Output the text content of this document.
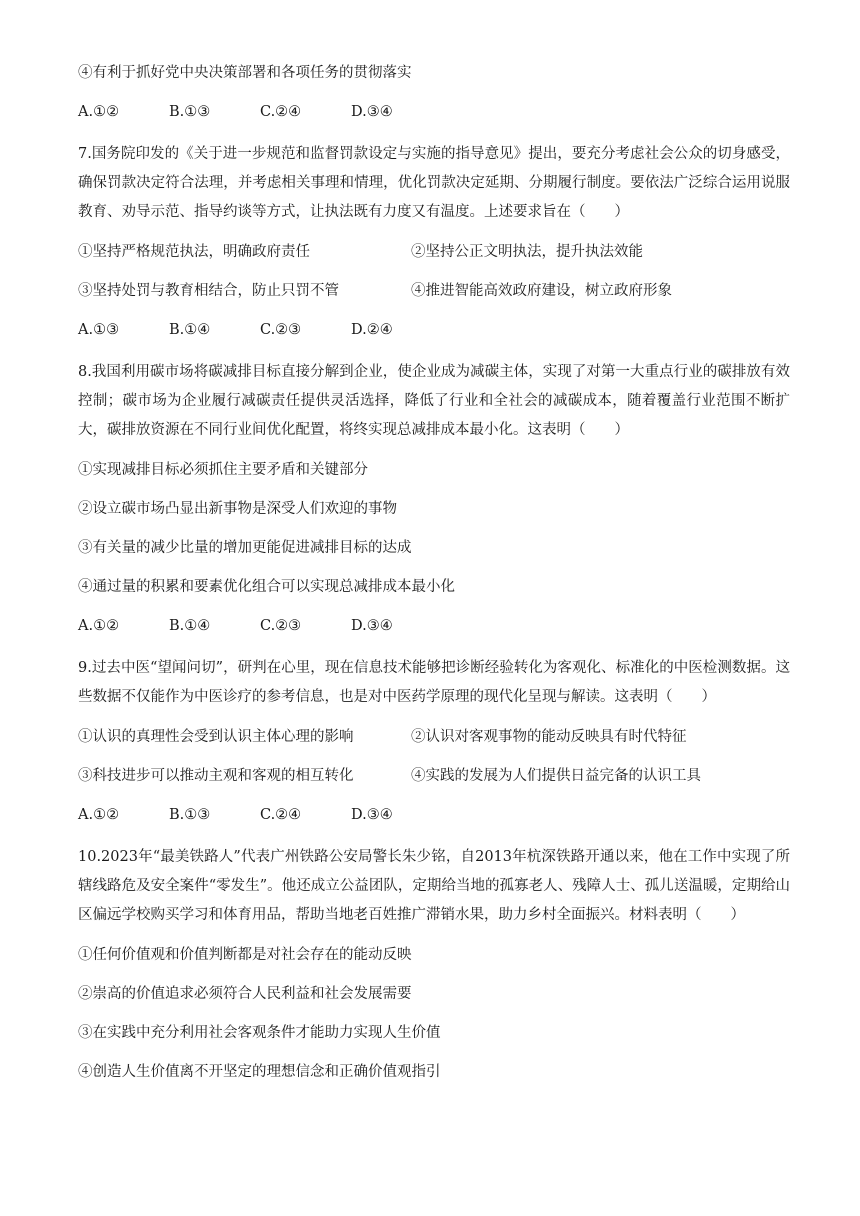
④有利于抓好党中央决策部署和各项任务的贯彻落实

A.①②	B.①③	C.②④	D.③④

7.国务院印发的《关于进一步规范和监督罚款设定与实施的指导意见》提出，要充分考虑社会公众的切身感受，确保罚款决定符合法理，并考虑相关事理和情理，优化罚款决定延期、分期履行制度。要依法广泛综合运用说服教育、劝导示范、指导约谈等方式，让执法既有力度又有温度。上述要求旨在（　　）

①坚持严格规范执法，明确政府责任	②坚持公正文明执法，提升执法效能
③坚持处罚与教育相结合，防止只罚不管	④推进智能高效政府建设，树立政府形象
A.①③	B.①④	C.②③	D.②④

8.我国利用碳市场将碳减排目标直接分解到企业，使企业成为减碳主体，实现了对第一大重点行业的碳排放有效控制；碳市场为企业履行减碳责任提供灵活选择，降低了行业和全社会的减碳成本，随着覆盖行业范围不断扩大，碳排放资源在不同行业间优化配置，将终实现总减排成本最小化。这表明（　　）

①实现减排目标必须抓住主要矛盾和关键部分

②设立碳市场凸显出新事物是深受人们欢迎的事物

③有关量的减少比量的增加更能促进减排目标的达成

④通过量的积累和要素优化组合可以实现总减排成本最小化

A.①②	B.①④	C.②③	D.③④

9.过去中医“望闻问切”，研判在心里，现在信息技术能够把诊断经验转化为客观化、标准化的中医检测数据。这些数据不仅能作为中医诊疗的参考信息，也是对中医药学原理的现代化呈现与解读。这表明（　　）

①认识的真理性会受到认识主体心理的影响	②认识对客观事物的能动反映具有时代特征
③科技进步可以推动主观和客观的相互转化	④实践的发展为人们提供日益完备的认识工具
A.①②	B.①③	C.②④	D.③④

10.2023年“最美铁路人”代表广州铁路公安局警长朱少铭，自2013年杭深铁路开通以来，他在工作中实现了所辖线路危及安全案件“零发生”。他还成立公益团队，定期给当地的孤寡老人、残障人士、孤儿送温暖，定期给山区偏远学校购买学习和体育用品，帮助当地老百姓推广滞销水果，助力乡村全面振兴。材料表明（　　）

①任何价值观和价值判断都是对社会存在的能动反映

②崇高的价值追求必须符合人民利益和社会发展需要

③在实践中充分利用社会客观条件才能助力实现人生价值

④创造人生价值离不开坚定的理想信念和正确价值观指引
